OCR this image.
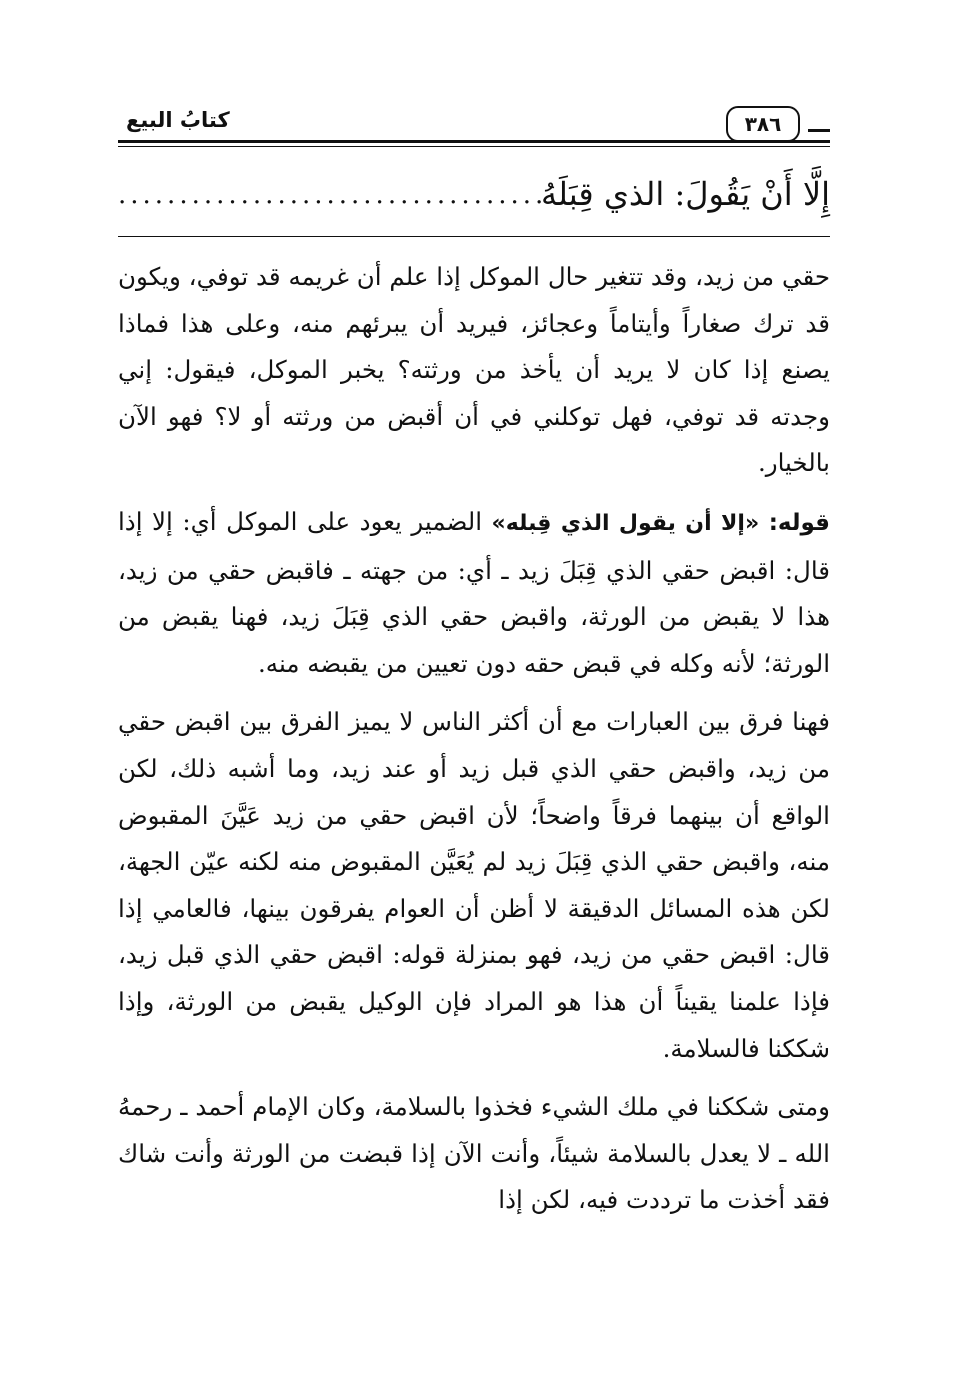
كتابُ البيع	٣٨٦
إِلَّا أَنْ يَقُولَ: الذي قِبَلَهُ
...................................

حقي من زيد، وقد تتغير حال الموكل إذا علم أن غريمه قد توفي، ويكون قد ترك صغاراً وأيتاماً وعجائز، فيريد أن يبرئهم منه، وعلى هذا فماذا يصنع إذا كان لا يريد أن يأخذ من ورثته؟ يخبر الموكل، فيقول: إني وجدته قد توفي، فهل توكلني في أن أقبض من ورثته أو لا؟ فهو الآن بالخيار.

قوله: «إلا أن يقول الذي قِبله» الضمير يعود على الموكل أي: إلا إذا قال: اقبض حقي الذي قِبَلَ زيد ـ أي: من جهته ـ فاقبض حقي من زيد، هذا لا يقبض من الورثة، واقبض حقي الذي قِبَلَ زيد، فهنا يقبض من الورثة؛ لأنه وكله في قبض حقه دون تعيين من يقبضه منه.

فهنا فرق بين العبارات مع أن أكثر الناس لا يميز الفرق بين اقبض حقي من زيد، واقبض حقي الذي قبل زيد أو عند زيد، وما أشبه ذلك، لكن الواقع أن بينهما فرقاً واضحاً؛ لأن اقبض حقي من زيد عَيَّنَ المقبوض منه، واقبض حقي الذي قِبَلَ زيد لم يُعَيَّن المقبوض منه لكنه عيّن الجهة، لكن هذه المسائل الدقيقة لا أظن أن العوام يفرقون بينها، فالعامي إذا قال: اقبض حقي من زيد، فهو بمنزلة قوله: اقبض حقي الذي قبل زيد، فإذا علمنا يقيناً أن هذا هو المراد فإن الوكيل يقبض من الورثة، وإذا شككنا فالسلامة.

ومتى شككنا في ملك الشيء فخذوا بالسلامة، وكان الإمام أحمد ـ رحمهُ الله ـ لا يعدل بالسلامة شيئاً، وأنت الآن إذا قبضت من الورثة وأنت شاك فقد أخذت ما ترددت فيه، لكن إذا
